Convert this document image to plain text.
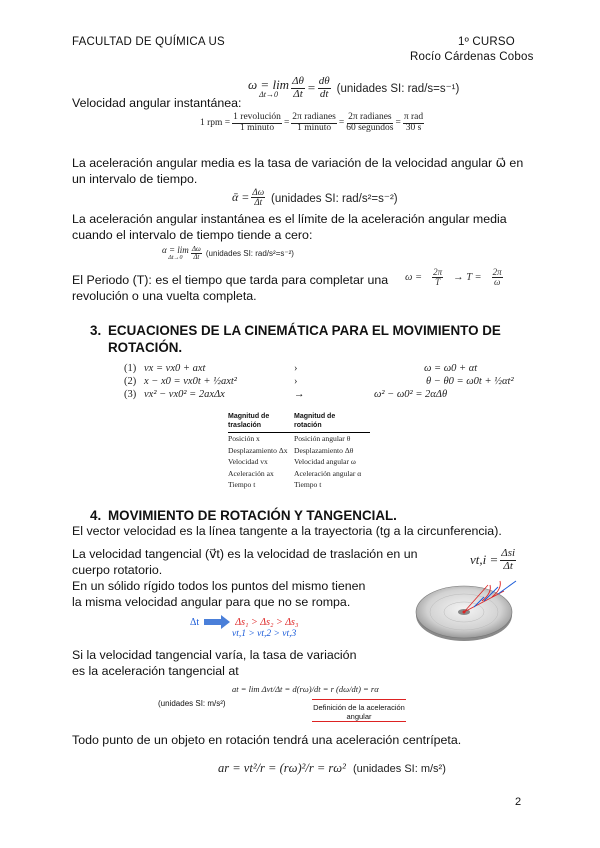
FACULTAD DE QUÍMICA US	1º CURSO
Rocío Cárdenas Cobos
Velocidad angular instantánea:
ω = lim
$\Delta t\to 0 \frac{\Delta\theta}{\Delta t} = \frac{d\theta}{dt}$ (unidades SI: rad/s=s⁻¹)
1 rpm = $\frac{\text{1 revolución}}{\text{1 minuto}} = \frac{\text{2π radianes}}{\text{1 minuto}} = \frac{\text{2π radianes}}{\text{60 segundos}} = \frac{\text{π rad}}{30 s}$
La aceleración angular media es la tasa de variación de la velocidad angular ω⃗ en un intervalo de tiempo.
ᾱ = $\frac{\Delta\omega}{\Delta t}$ (unidades SI: rad/s²=s⁻²)
La aceleración angular instantánea es el límite de la aceleración angular media cuando el intervalo de tiempo tiende a cero:
α = lim
$\Delta t\to 0 \frac{\Delta\omega}{\Delta t}$ (unidades SI: rad/s²=s⁻²)
El Periodo (T): es el tiempo que tarda para completar una revolución o una vuelta completa.
$\omega = \frac{2\pi}{T} \to T = \frac{2\pi}{\omega}$
3. ECUACIONES DE LA CINEMÁTICA PARA EL MOVIMIENTO DE ROTACIÓN.
(1) vx = vx0 + axt	›	ω = ω0 + αt
(2) x − x0 = vx0t + ½axt²	›	θ − θ0 = ω0t + ½αt²
(3) vx² − vx0² = 2axΔx	→	ω² − ω0² = 2αΔθ
Magnitud de traslación	Magnitud de rotación
Posición x	Posición angular θ
Desplazamiento Δx	Desplazamiento Δθ
Velocidad vx	Velocidad angular ω
Aceleración ax	Aceleración angular α
Tiempo t	Tiempo t
4. MOVIMIENTO DE ROTACIÓN Y TANGENCIAL.
El vector velocidad es la línea tangente a la trayectoria (tg a la circunferencia).
La velocidad tangencial (v⃗t) es la velocidad de traslación en un cuerpo rotatorio.
En un sólido rígido todos los puntos del mismo tienen la misma velocidad angular para que no se rompa.
$vt,i = \frac{\text{Δsi}}{\Delta t}$
Δt	Δs₁ > Δs₂ > Δs₃
vt,1 > vt,2 > vt,3
Si la velocidad tangencial varía, la tasa de variación es la aceleración tangencial at
at = lim Δvt/Δt = d(rω)/dt = r (dω/dt) = rα
(unidades SI: m/s²)	Definición de la aceleración angular
Todo punto de un objeto en rotación tendrá una aceleración centrípeta.
ar = vt²/r = (rω)²/r = rω² (unidades SI: m/s²)
2
